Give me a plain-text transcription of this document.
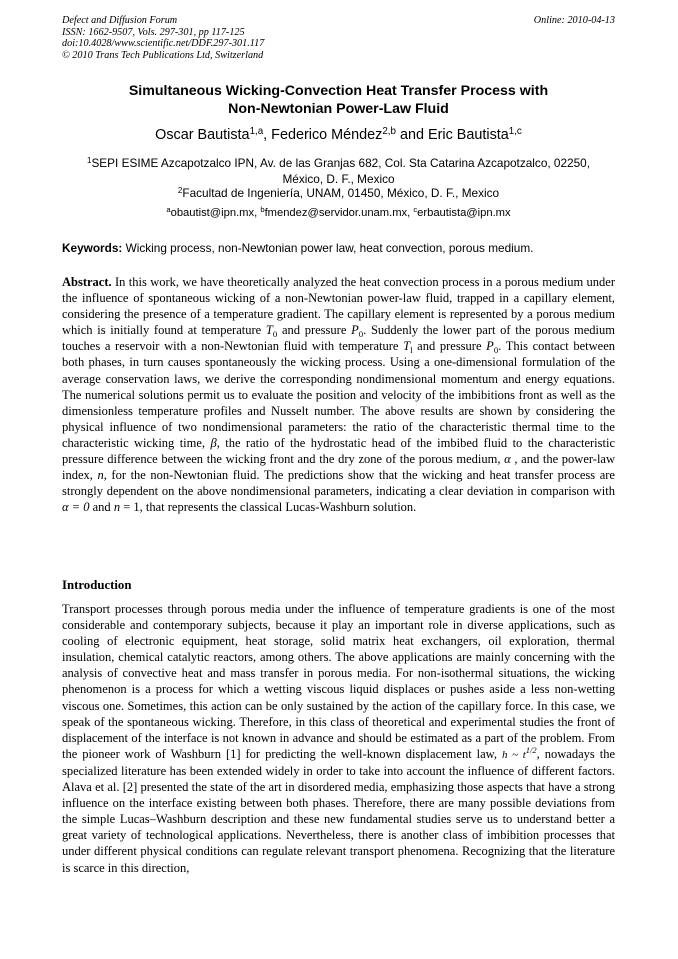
Defect and Diffusion Forum
ISSN: 1662-9507, Vols. 297-301, pp 117-125
doi:10.4028/www.scientific.net/DDF.297-301.117
© 2010 Trans Tech Publications Ltd, Switzerland
Online: 2010-04-13
Simultaneous Wicking-Convection Heat Transfer Process with
Non-Newtonian Power-Law Fluid
Oscar Bautista$^{1,a}$, Federico Méndez$^{2,b}$ and Eric Bautista$^{1,c}$
$^1$SEPI ESIME Azcapotzalco IPN, Av. de las Granjas 682, Col. Sta Catarina Azcapotzalco, 02250,
México, D. F., Mexico
$^2$Facultad de Ingeniería, UNAM, 01450, México, D. F., Mexico
$^a$obautist@ipn.mx, $^b$fmendez@servidor.unam.mx, $^c$erbautista@ipn.mx
Keywords: Wicking process, non-Newtonian power law, heat convection, porous medium.
Abstract. In this work, we have theoretically analyzed the heat convection process in a porous medium under the influence of spontaneous wicking of a non-Newtonian power-law fluid, trapped in a capillary element, considering the presence of a temperature gradient. The capillary element is represented by a porous medium which is initially found at temperature $T_0$ and pressure $P_0$. Suddenly the lower part of the porous medium touches a reservoir with a non-Newtonian fluid with temperature $T_l$ and pressure $P_0$. This contact between both phases, in turn causes spontaneously the wicking process. Using a one-dimensional formulation of the average conservation laws, we derive the corresponding nondimensional momentum and energy equations. The numerical solutions permit us to evaluate the position and velocity of the imbibitions front as well as the dimensionless temperature profiles and Nusselt number. The above results are shown by considering the physical influence of two nondimensional parameters: the ratio of the characteristic thermal time to the characteristic wicking time, β, the ratio of the hydrostatic head of the imbibed fluid to the characteristic pressure difference between the wicking front and the dry zone of the porous medium, α , and the power-law index, n, for the non-Newtonian fluid. The predictions show that the wicking and heat transfer process are strongly dependent on the above nondimensional parameters, indicating a clear deviation in comparison with α = 0 and n = 1, that represents the classical Lucas-Washburn solution.
Introduction
Transport processes through porous media under the influence of temperature gradients is one of the most considerable and contemporary subjects, because it play an important role in diverse applications, such as cooling of electronic equipment, heat storage, solid matrix heat exchangers, oil exploration, thermal insulation, chemical catalytic reactors, among others. The above applications are mainly concerning with the analysis of convective heat and mass transfer in porous media. For non-isothermal situations, the wicking phenomenon is a process for which a wetting viscous liquid displaces or pushes aside a less non-wetting viscous one. Sometimes, this action can be only sustained by the action of the capillary force. In this case, we speak of the spontaneous wicking. Therefore, in this class of theoretical and experimental studies the front of displacement of the interface is not known in advance and should be estimated as a part of the problem. From the pioneer work of Washburn [1] for predicting the well-known displacement law, h ~ $t^{1/2}$, nowadays the specialized literature has been extended widely in order to take into account the influence of different factors. Alava et al. [2] presented the state of the art in disordered media, emphasizing those aspects that have a strong influence on the interface existing between both phases. Therefore, there are many possible deviations from the simple Lucas–Washburn description and these new fundamental studies serve us to understand better a great variety of technological applications. Nevertheless, there is another class of imbibition processes that under different physical conditions can regulate relevant transport phenomena. Recognizing that the literature is scarce in this direction,
